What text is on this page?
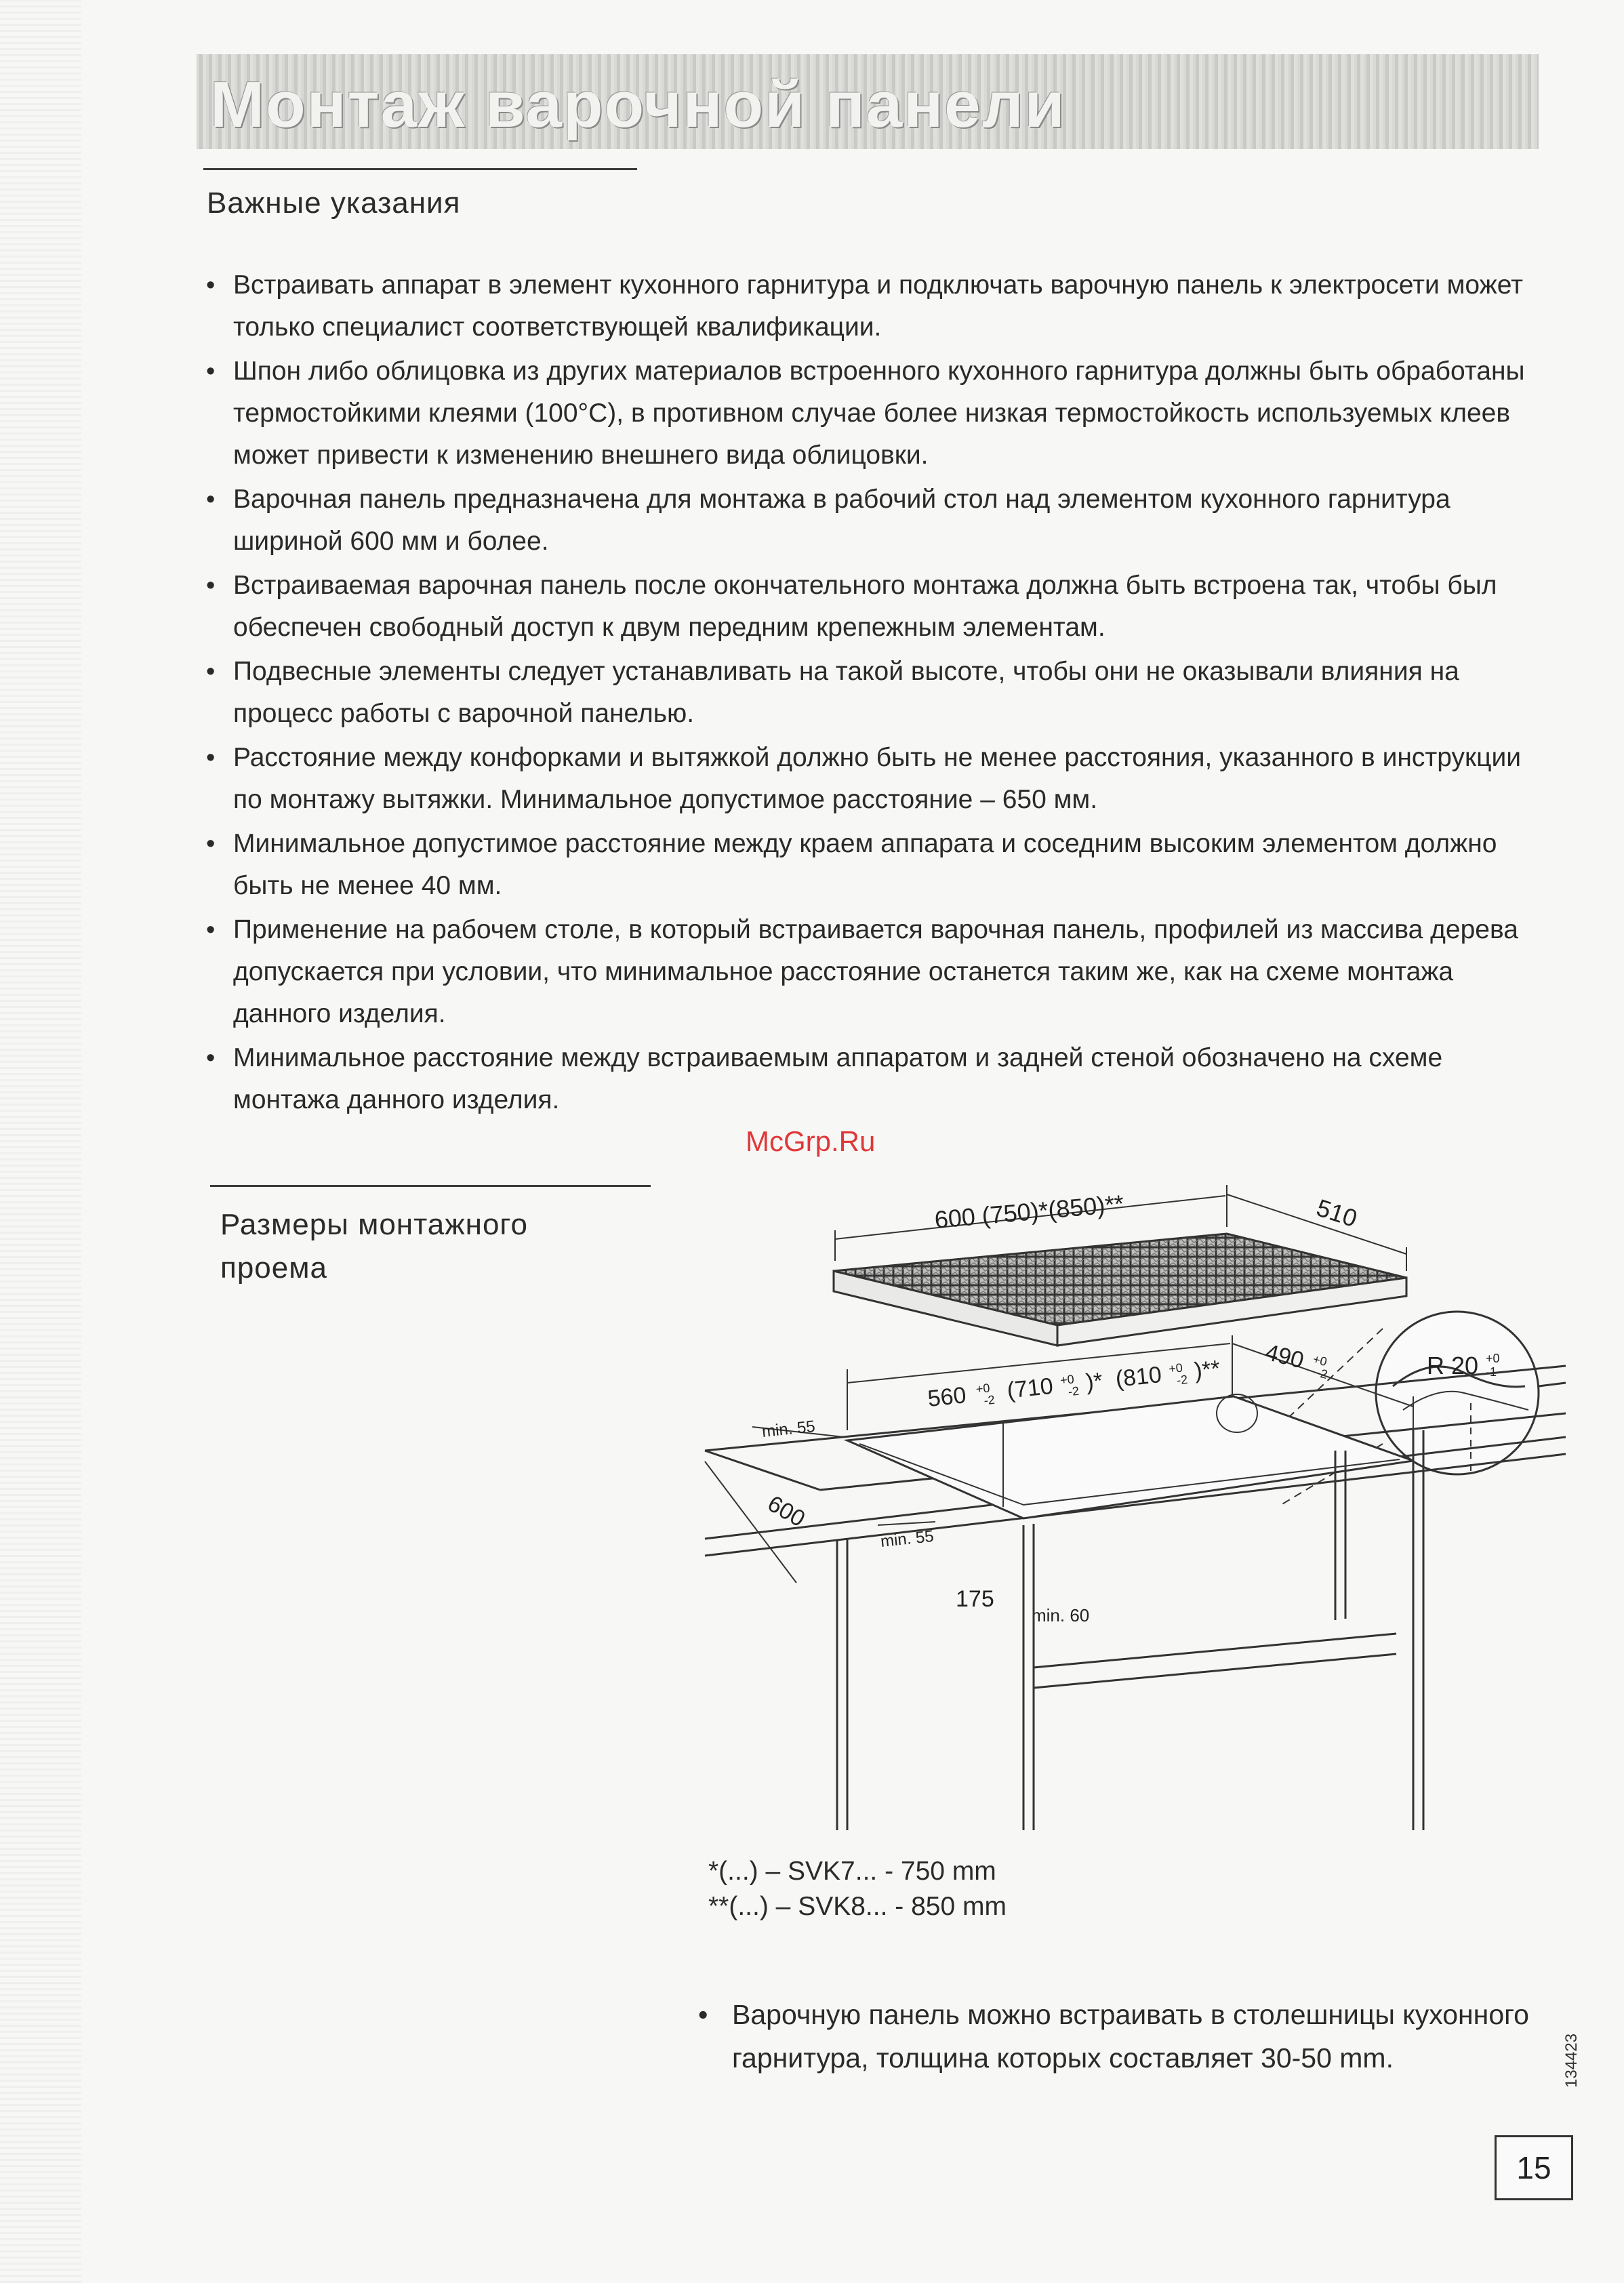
Монтаж варочной панели
Важные указания
• Встраивать аппарат в элемент кухонного гарнитура и подключать варочную панель к электросети может только специалист соответствующей квалификации.
• Шпон либо облицовка из других материалов встроенного кухонного гарнитура должны быть обработаны термостойкими клеями (100°С), в противном случае более низкая термостойкость используемых клеев может привести к изменению внешнего вида облицовки.
• Варочная панель предназначена для монтажа в рабочий стол над элементом кухонного гарнитура шириной 600 мм и более.
• Встраиваемая варочная панель после окончательного монтажа должна быть встроена так, чтобы был обеспечен свободный доступ к двум передним крепежным элементам.
• Подвесные элементы следует устанавливать на такой высоте, чтобы они не оказывали влияния на процесс работы с варочной панелью.
• Расстояние между конфорками и вытяжкой должно быть не менее расстояния, указанного в инструкции по монтажу вытяжки. Минимальное допустимое расстояние – 650 мм.
• Минимальное допустимое расстояние между краем аппарата и соседним высоким элементом должно быть не менее 40 мм.
• Применение на рабочем столе, в который встраивается варочная панель, профилей из массива дерева допускается при условии, что минимальное расстояние останется таким же, как на схеме монтажа данного изделия.
• Минимальное расстояние между встраиваемым аппаратом и задней стеной обозначено на схеме монтажа данного изделия.
McGrp.Ru
Размеры монтажного
проема
600 (750)*(850)**	510
R 20 +0
-1
560 $^{+0}$ -2 (710 $^{+0}$ -2 )* (810 $^{+0}$ -2 )** 490 $^{+0}$ -2
min. 55
min. 55
600
175
min. 60
*(...) – SVK7... - 750 mm
**(...) – SVK8... - 850 mm
• Варочную панель можно встраивать в столешницы кухонного гарнитура, толщина которых составляет 30-50 mm.	134423
15
